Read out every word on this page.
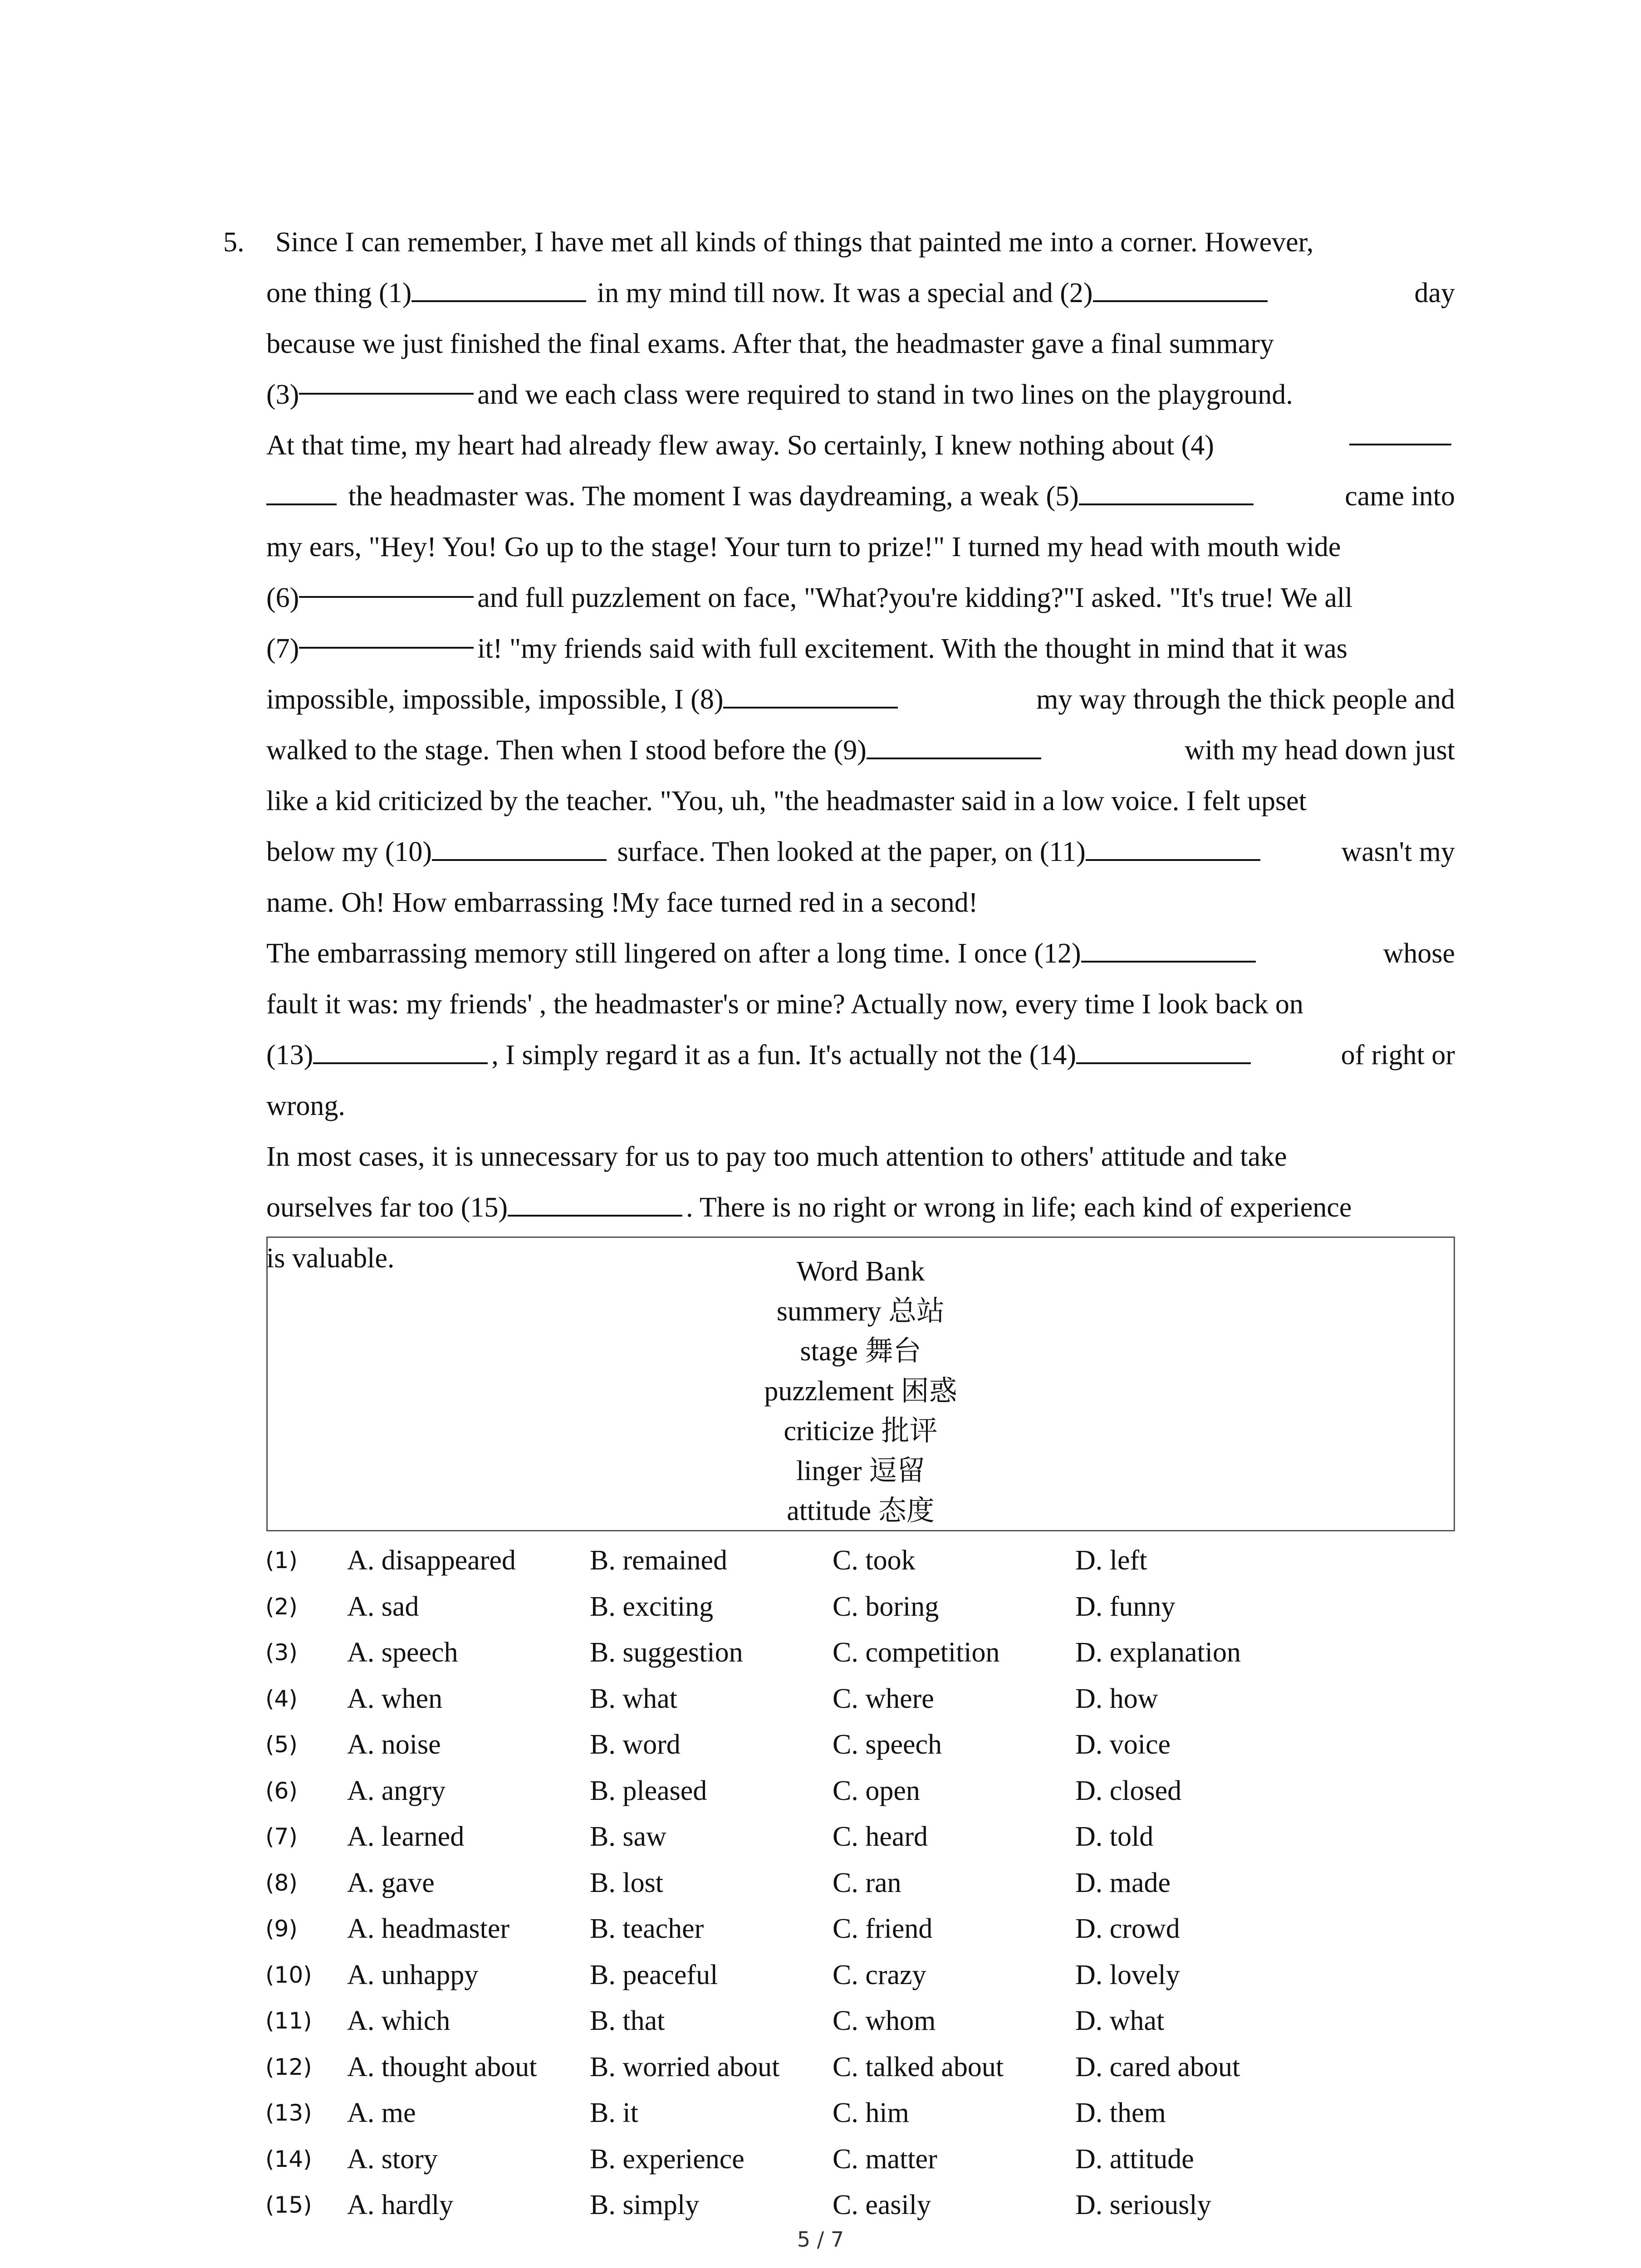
5. Since I can remember, I have met all kinds of things that painted me into a corner. However,
one thing (1)	in my mind till now. It was a special and (2)	day
because we just finished the final exams. After that, the headmaster gave a final summary
(3)	and we each class were required to stand in two lines on the playground.
At that time, my heart had already flew away. So certainly, I knew nothing about (4)
the headmaster was. The moment I was daydreaming, a weak (5)	came into
my ears, "Hey! You! Go up to the stage! Your turn to prize!" I turned my head with mouth wide
(6)	and full puzzlement on face, "What?you're kidding?"I asked. "It's true! We all
(7)	it! "my friends said with full excitement. With the thought in mind that it was
impossible, impossible, impossible, I (8)	my way through the thick people and
walked to the stage. Then when I stood before the (9)	with my head down just
like a kid criticized by the teacher. "You, uh, "the headmaster said in a low voice. I felt upset
below my (10)	surface. Then looked at the paper, on (11)	wasn't my
name. Oh! How embarrassing !My face turned red in a second!
The embarrassing memory still lingered on after a long time. I once (12)	whose
fault it was: my friends' , the headmaster's or mine? Actually now, every time I look back on
(13)	, I simply regard it as a fun. It's actually not the (14)	of right or
wrong.
In most cases, it is unnecessary for us to pay too much attention to others' attitude and take
ourselves far too (15)	. There is no right or wrong in life; each kind of experience
is valuable.	Word Bank
summery 总站
stage 舞台
puzzlement 困惑
criticize 批评
linger 逗留
attitude 态度
(1) A. disappeared	B. remained	C. took	D. left
(2) A. sad	B. exciting	C. boring	D. funny
(3) A. speech	B. suggestion	C. competition	D. explanation
(4) A. when	B. what	C. where	D. how
(5) A. noise	B. word	C. speech	D. voice
(6) A. angry	B. pleased	C. open	D. closed
(7) A. learned	B. saw	C. heard	D. told
(8) A. gave	B. lost	C. ran	D. made
(9) A. headmaster	B. teacher	C. friend	D. crowd
(10) A. unhappy	B. peaceful	C. crazy	D. lovely
(11) A. which	B. that	C. whom	D. what
(12) A. thought about B. worried about C. talked about	D. cared about
(13) A. me	B. it	C. him	D. them
(14) A. story	B. experience	C. matter	D. attitude
(15) A. hardly	B. simply	C. easily	D. seriously
5 / 7
